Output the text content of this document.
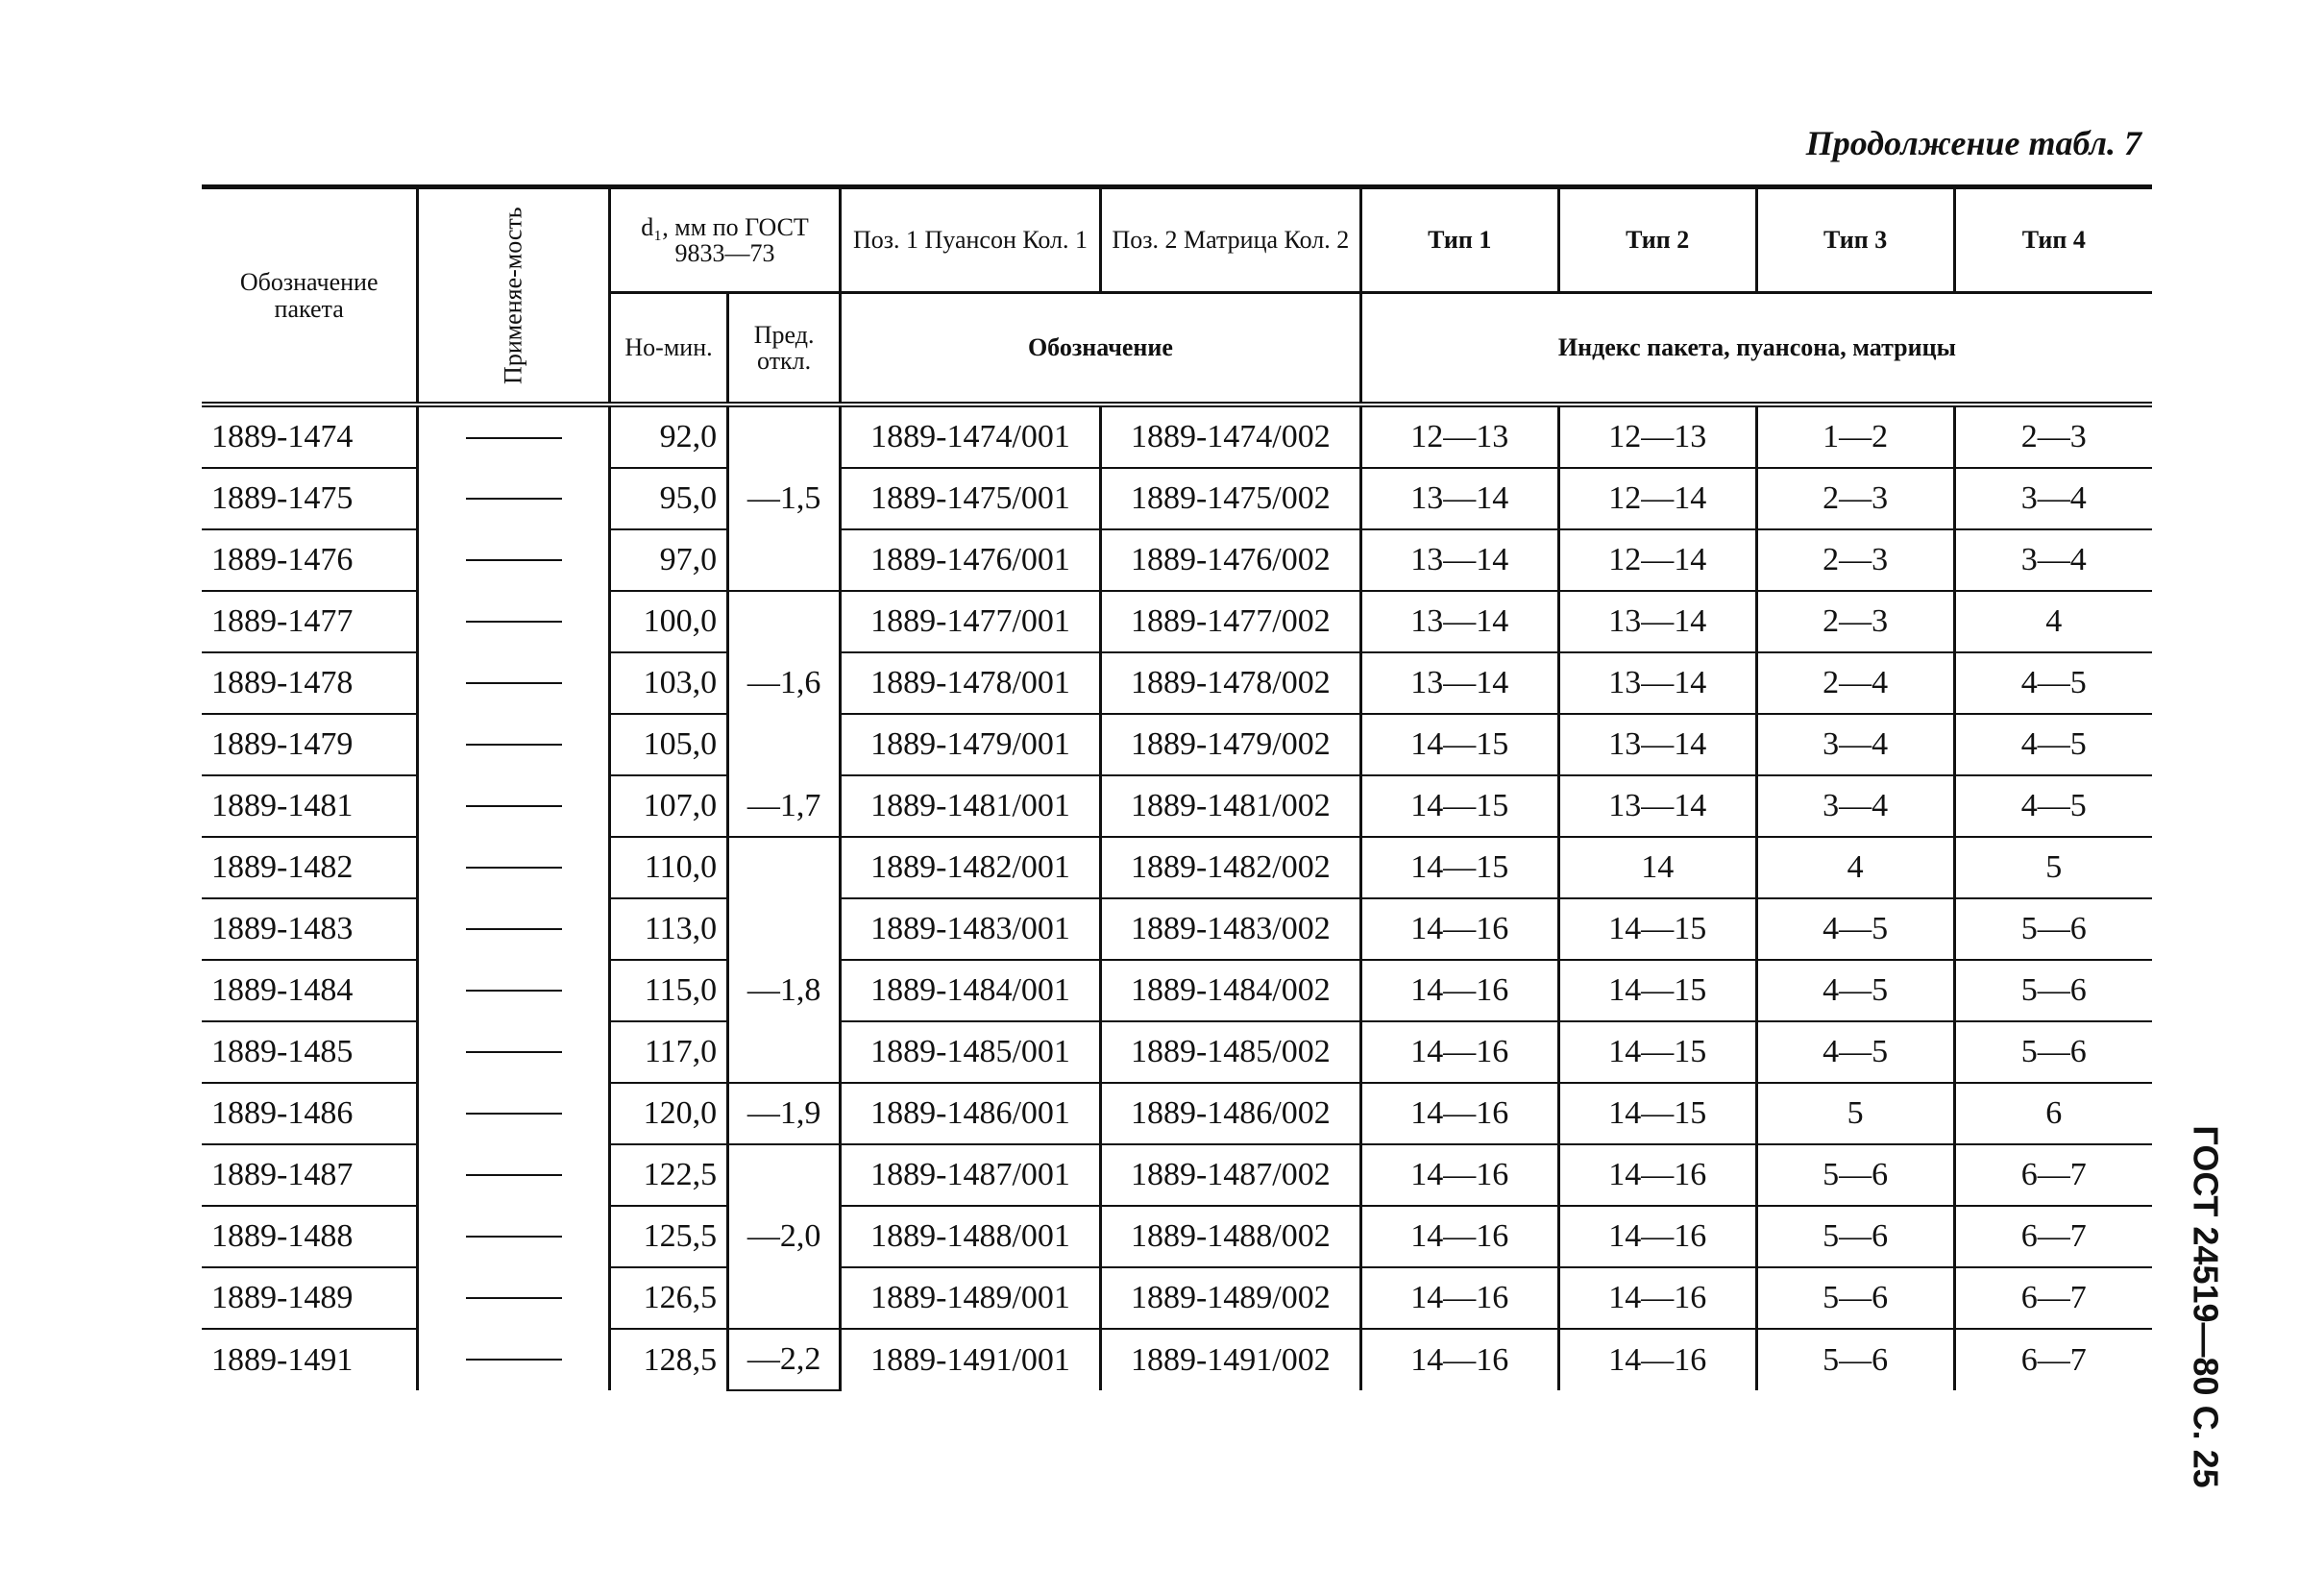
Продолжение табл. 7
ГОСТ 24519—80 С. 25
Обозначение пакета	Применяе-мость	d₁, мм по ГОСТ 9833—73		Поз. 1 Пуансон Кол. 1	Поз. 2 Матрица Кол. 2	Тип 1	Тип 2	Тип 3	Тип 4
		Но-мин.	Пред. откл.	Обозначение		Индекс пакета, пуансона, матрицы			
1889-1474		92,0		1889-1474/001	1889-1474/002	12—13	12—13	1—2	2—3
1889-1475		95,0	—1,5	1889-1475/001	1889-1475/002	13—14	12—14	2—3	3—4
1889-1476		97,0		1889-1476/001	1889-1476/002	13—14	12—14	2—3	3—4
1889-1477		100,0		1889-1477/001	1889-1477/002	13—14	13—14	2—3	4
1889-1478		103,0	—1,6	1889-1478/001	1889-1478/002	13—14	13—14	2—4	4—5
1889-1479		105,0		1889-1479/001	1889-1479/002	14—15	13—14	3—4	4—5
1889-1481		107,0	—1,7	1889-1481/001	1889-1481/002	14—15	13—14	3—4	4—5
1889-1482		110,0		1889-1482/001	1889-1482/002	14—15	14	4	5
1889-1483		113,0		1889-1483/001	1889-1483/002	14—16	14—15	4—5	5—6
1889-1484		115,0	—1,8	1889-1484/001	1889-1484/002	14—16	14—15	4—5	5—6
1889-1485		117,0		1889-1485/001	1889-1485/002	14—16	14—15	4—5	5—6
1889-1486		120,0	—1,9	1889-1486/001	1889-1486/002	14—16	14—15	5	6
1889-1487		122,5		1889-1487/001	1889-1487/002	14—16	14—16	5—6	6—7
1889-1488		125,5	—2,0	1889-1488/001	1889-1488/002	14—16	14—16	5—6	6—7
1889-1489		126,5		1889-1489/001	1889-1489/002	14—16	14—16	5—6	6—7
1889-1491		128,5	—2,2	1889-1491/001	1889-1491/002	14—16	14—16	5—6	6—7
